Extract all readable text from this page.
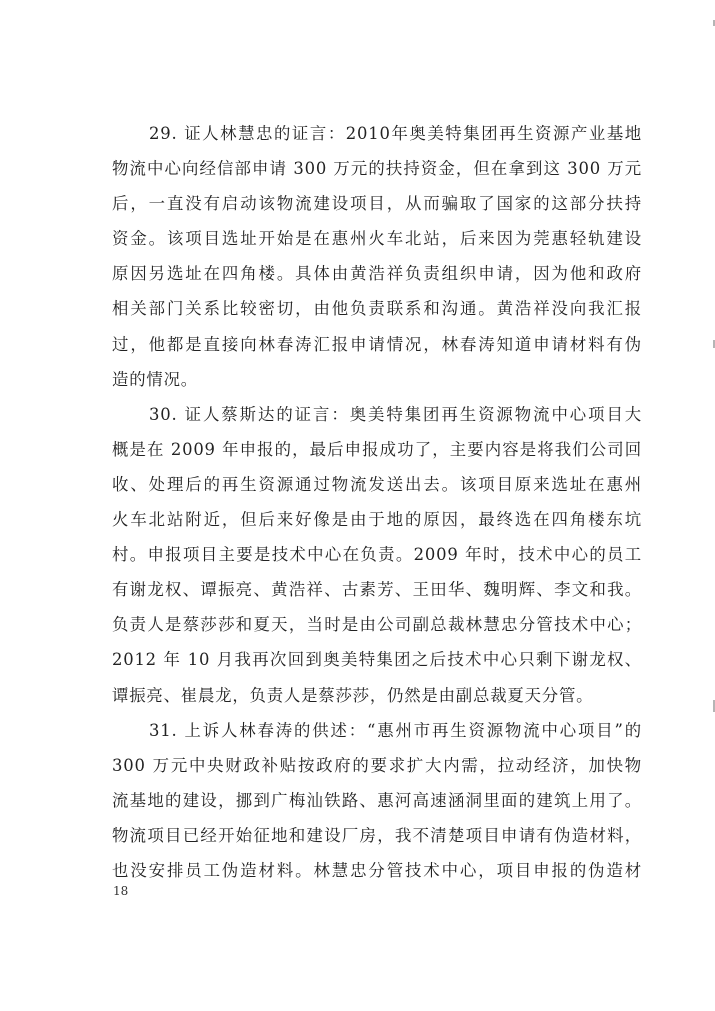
29. 证人林慧忠的证言：2010年奥美特集团再生资源产业基地
物流中心向经信部申请 300 万元的扶持资金，但在拿到这 300 万元
后，一直没有启动该物流建设项目，从而骗取了国家的这部分扶持
资金。该项目选址开始是在惠州火车北站，后来因为莞惠轻轨建设
原因另选址在四角楼。具体由黄浩祥负责组织申请，因为他和政府
相关部门关系比较密切，由他负责联系和沟通。黄浩祥没向我汇报
过，他都是直接向林春涛汇报申请情况，林春涛知道申请材料有伪
造的情况。
30. 证人蔡斯达的证言：奥美特集团再生资源物流中心项目大
概是在 2009 年申报的，最后申报成功了，主要内容是将我们公司回
收、处理后的再生资源通过物流发送出去。该项目原来选址在惠州
火车北站附近，但后来好像是由于地的原因，最终选在四角楼东坑
村。申报项目主要是技术中心在负责。2009 年时，技术中心的员工
有谢龙权、谭振亮、黄浩祥、古素芳、王田华、魏明辉、李文和我。
负责人是蔡莎莎和夏天，当时是由公司副总裁林慧忠分管技术中心；
2012 年 10 月我再次回到奥美特集团之后技术中心只剩下谢龙权、
谭振亮、崔晨龙，负责人是蔡莎莎，仍然是由副总裁夏天分管。
31. 上诉人林春涛的供述：“惠州市再生资源物流中心项目”的
300 万元中央财政补贴按政府的要求扩大内需，拉动经济，加快物
流基地的建设，挪到广梅汕铁路、惠河高速涵洞里面的建筑上用了。
物流项目已经开始征地和建设厂房，我不清楚项目申请有伪造材料，
也没安排员工伪造材料。林慧忠分管技术中心，项目申报的伪造材
18
